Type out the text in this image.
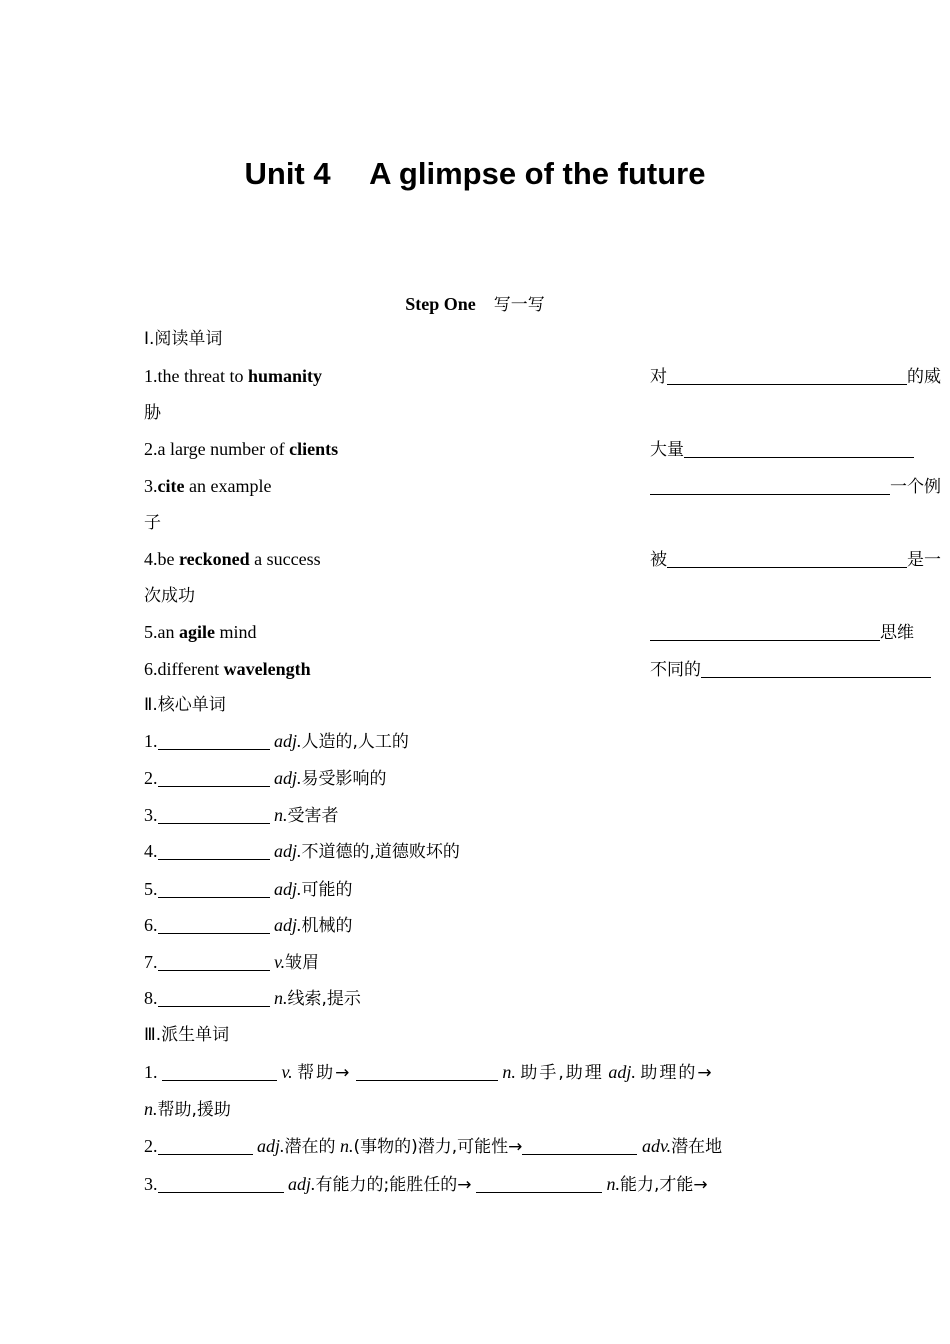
Unit 4  A glimpse of the future
Step One 写一写
Ⅰ.阅读单词
1.the threat to humanity	对	的威
胁
2.a large number of clients	大量
3.cite an example	一个例
子
4.be reckoned a success	被	是一
次成功
5.an agile mind	思维
6.different wavelength	不同的
Ⅱ.核心单词
1.	adj.人造的,人工的
2.	adj.易受影响的
3.	n.受害者
4.	adj.不道德的,道德败坏的
5.	adj.可能的
6.	adj.机械的
7.	v.皱眉
8.	n.线索,提示
Ⅲ.派生单词
1.	v. 帮助→	n. 助手,助理 adj. 助理的→
n.帮助,援助
2.	adj.潜在的 n.(事物的)潜力,可能性→	adv.潜在地
3.	adj.有能力的;能胜任的→	n.能力,才能→
